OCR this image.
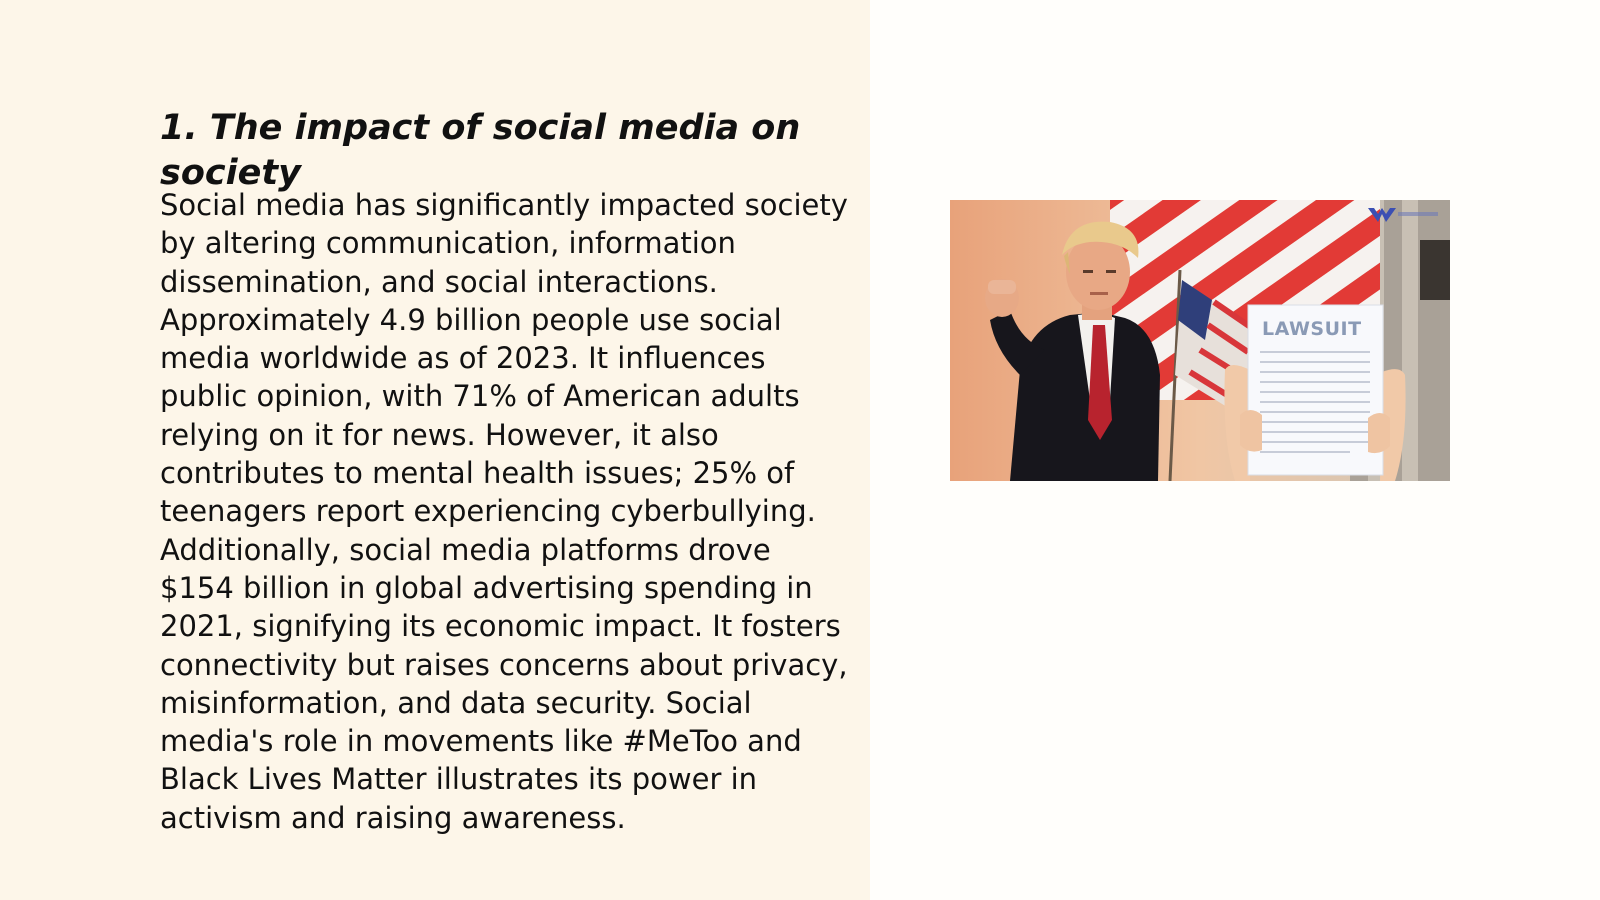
1. The impact of social media on society

Social media has significantly impacted society by altering communication, information dissemination, and social interactions. Approximately 4.9 billion people use social media worldwide as of 2023. It influences public opinion, with 71% of American adults relying on it for news. However, it also contributes to mental health issues; 25% of teenagers report experiencing cyberbullying. Additionally, social media platforms drove $154 billion in global advertising spending in 2021, signifying its economic impact. It fosters connectivity but raises concerns about privacy, misinformation, and data security. Social media's role in movements like #MeToo and Black Lives Matter illustrates its power in activism and raising awareness.

LAWSUIT
